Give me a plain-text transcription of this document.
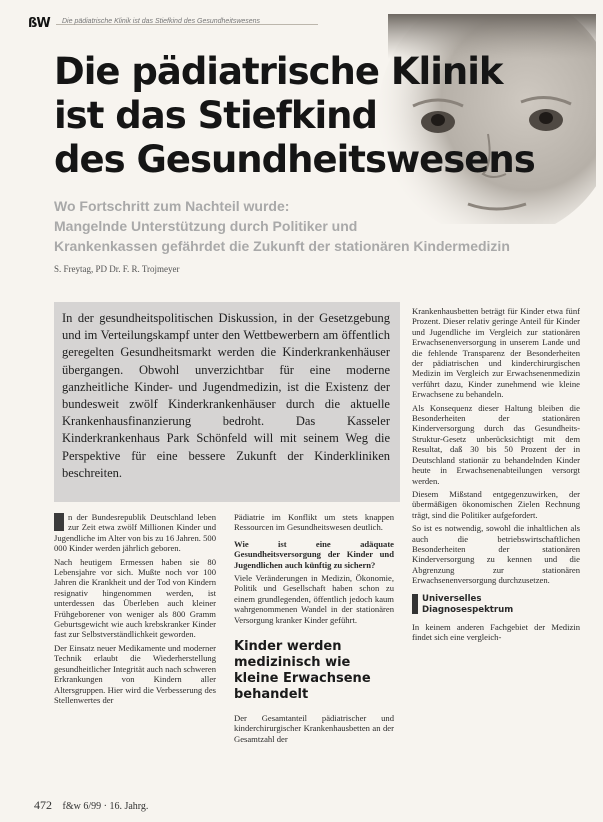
ßW Die pädiatrische Klinik ist das Stiefkind des Gesundheitswesens
Die pädiatrische Klinik
ist das Stiefkind
des Gesundheitswesens
Wo Fortschritt zum Nachteil wurde:
Mangelnde Unterstützung durch Politiker und
Krankenkassen gefährdet die Zukunft der stationären Kindermedizin
S. Freytag, PD Dr. F. R. Trojmeyer
In der gesundheitspolitischen Diskussion, in der Gesetzgebung und im Verteilungskampf unter den Wettbewerbern am öffentlich geregelten Gesundheitsmarkt werden die Kinderkrankenhäuser übergangen. Obwohl unverzichtbar für eine moderne ganzheitliche Kinder- und Jugendmedizin, ist die Existenz der bundesweit zwölf Kinderkrankenhäuser durch die aktuelle Krankenhausfinanzierung bedroht. Das Kasseler Kinderkrankenhaus Park Schönfeld will mit seinem Weg die Perspektive für eine bessere Zukunft der Kinderkliniken beschreiten.

n der Bundesrepublik Deutschland leben zur Zeit etwa zwölf Millionen Kinder und Jugendliche im Alter von bis zu 16 Jahren. 500 000 Kinder werden jährlich geboren.

Nach heutigem Ermessen haben sie 80 Lebensjahre vor sich. Mußte noch vor 100 Jahren die Krankheit und der Tod von Kindern resignativ hingenommen werden, ist unterdessen das Überleben auch kleiner Frühgeborener von weniger als 800 Gramm Geburtsgewicht wie auch krebskranker Kinder fast zur Selbstverständlichkeit geworden.

Der Einsatz neuer Medikamente und moderner Technik erlaubt die Wiederherstellung gesundheitlicher Integrität auch nach schweren Erkrankungen von Kindern aller Altersgruppen. Hier wird die Verbesserung des Stellenwertes der

Pädiatrie im Konflikt um stets knappen Ressourcen im Gesundheitswesen deutlich.

Wie ist eine adäquate Gesundheitsversorgung der Kinder und Jugendlichen auch künftig zu sichern?

Viele Veränderungen in Medizin, Ökonomie, Politik und Gesellschaft haben schon zu einem grundlegenden, öffentlich jedoch kaum wahrgenommenen Wandel in der stationären Versorgung kranker Kinder geführt.

Kinder werden medizinisch wie kleine Erwachsene behandelt

Der Gesamtanteil pädiatrischer und kinderchirurgischer Krankenhausbetten an der Gesamtzahl der

Krankenhausbetten beträgt für Kinder etwa fünf Prozent. Dieser relativ geringe Anteil für Kinder und Jugendliche im Vergleich zur stationären Erwachsenenversorgung in unserem Lande und die fehlende Transparenz der Besonderheiten der pädiatrischen und kinderchirurgischen Medizin im Vergleich zur Erwachsenenmedizin verführt dazu, Kinder zunehmend wie kleine Erwachsene zu behandeln.

Als Konsequenz dieser Haltung bleiben die Besonderheiten der stationären Kinderversorgung durch das Gesundheits-Struktur-Gesetz unberücksichtigt mit dem Resultat, daß 30 bis 50 Prozent der in Deutschland stationär zu behandelnden Kinder heute in Erwachsenenabteilungen versorgt werden.

Diesem Mißstand entgegenzuwirken, der übermäßigen ökonomischen Zielen Rechnung trägt, sind die Politiker aufgefordert.

So ist es notwendig, sowohl die inhaltlichen als auch die betriebswirtschaftlichen Besonderheiten der stationären Kinderversorgung zu kennen und die Abgrenzung zur stationären Erwachsenenversorgung durchzusetzen.

Universelles
Diagnosespektrum

In keinem anderen Fachgebiet der Medizin findet sich eine vergleich-

472 f&w 6/99 · 16. Jahrg.
